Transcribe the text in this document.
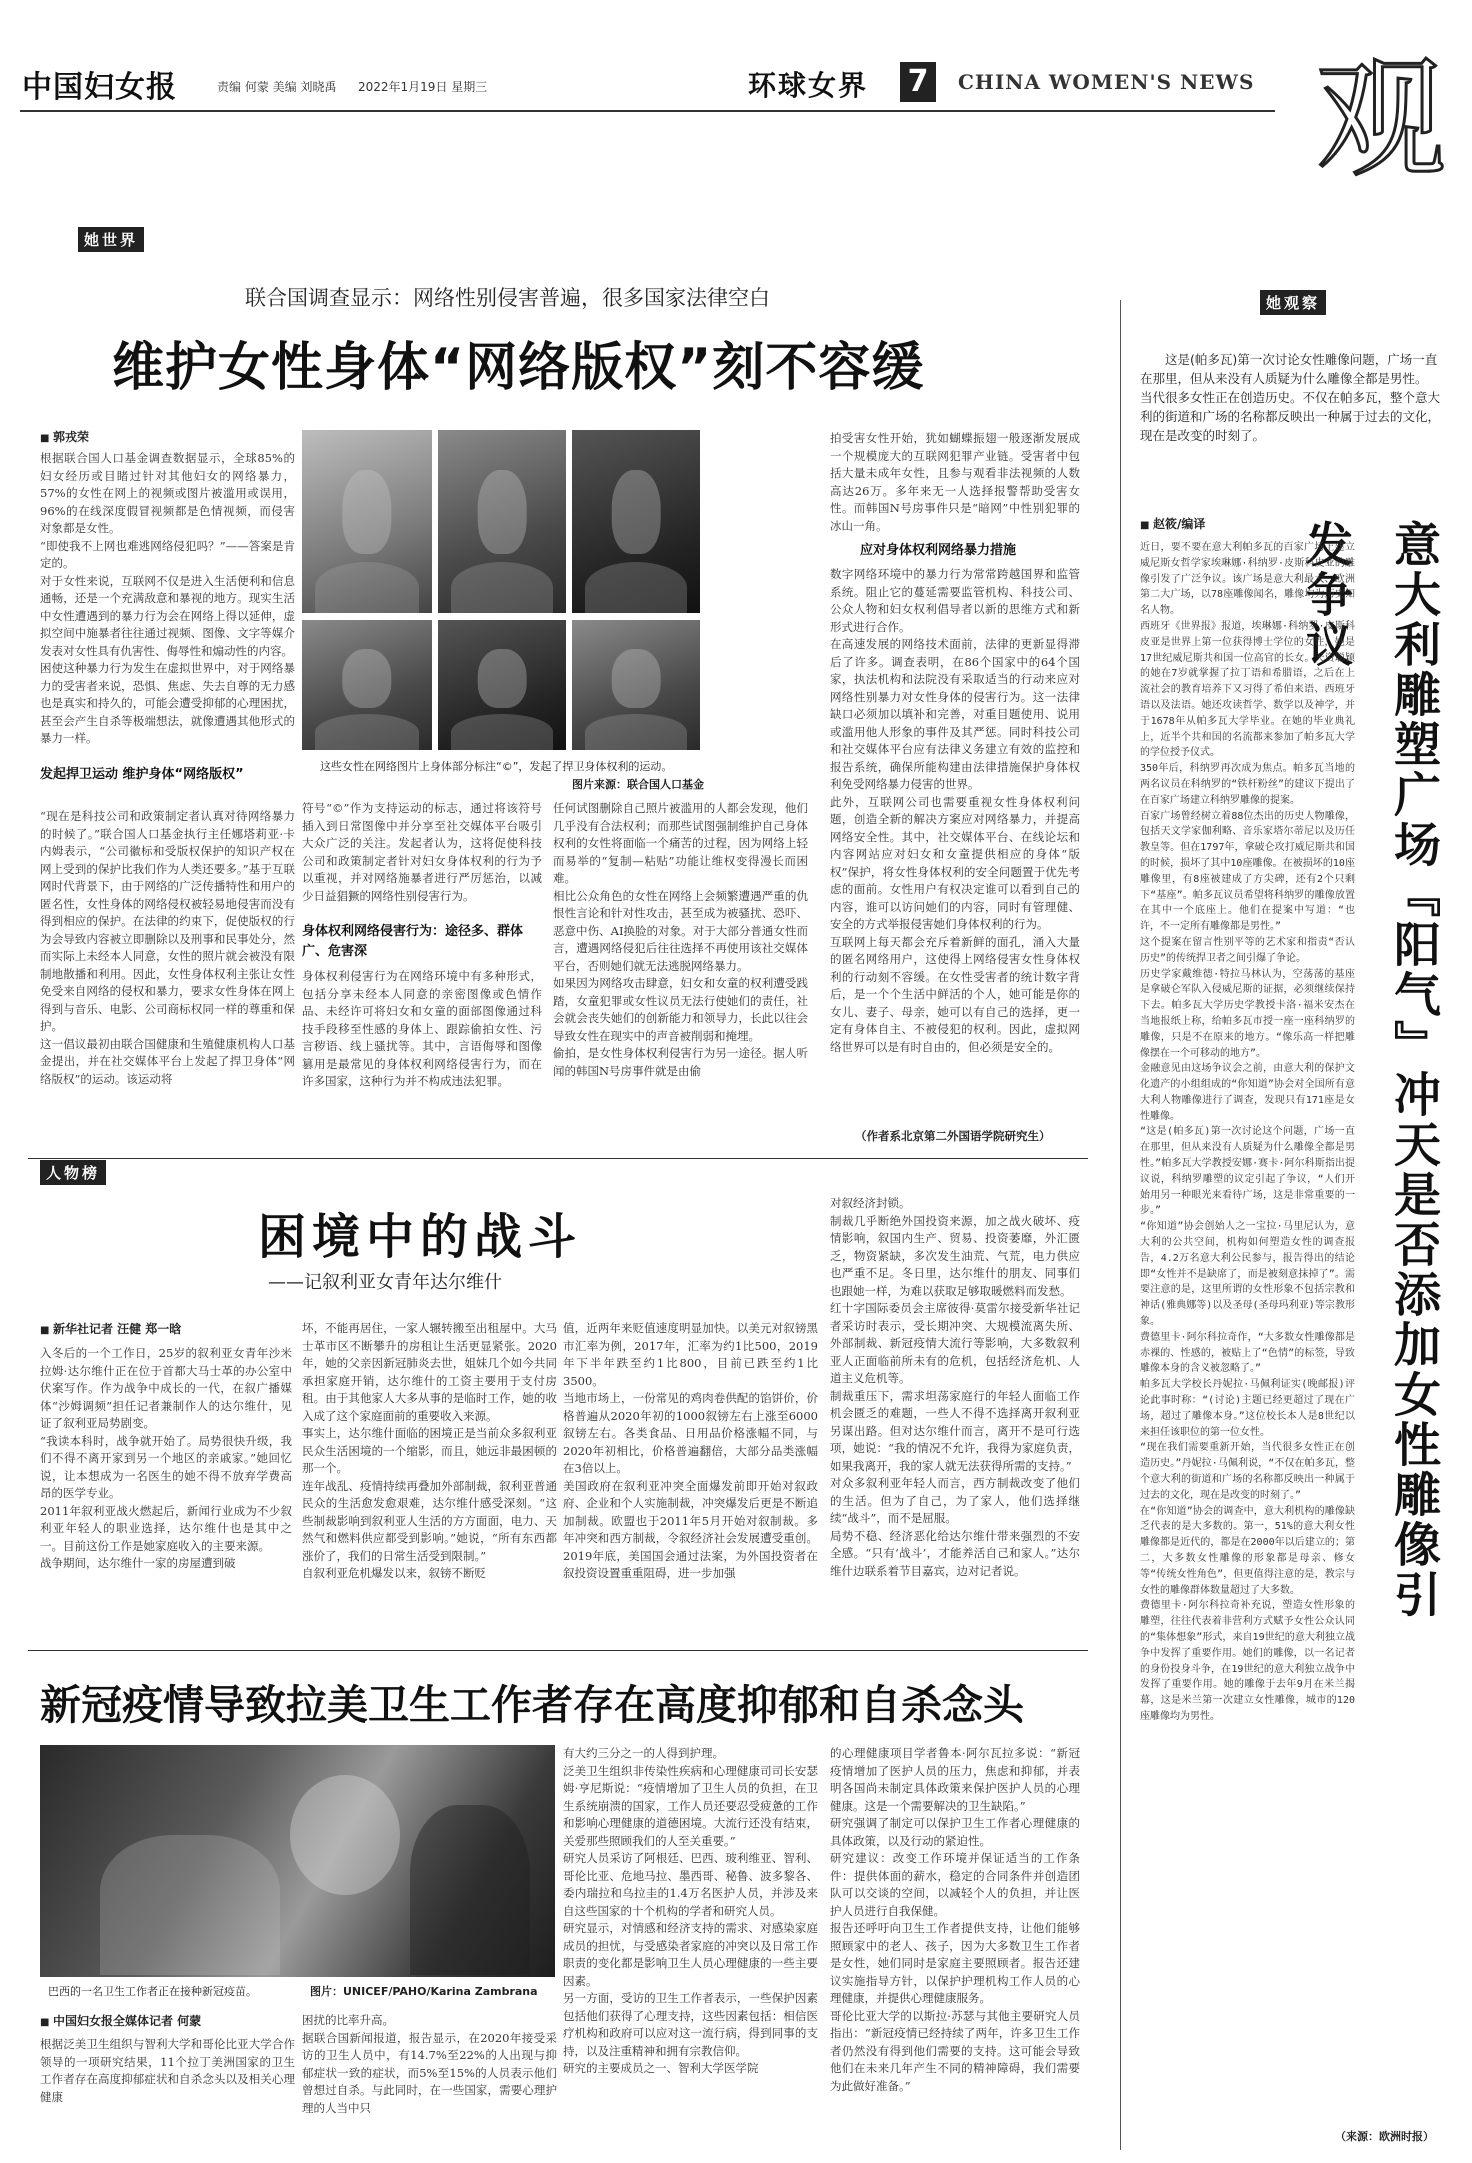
中国妇女报	责编 何蒙 美编 刘晓禹 2022年1月19日 星期三	环球女界 7	CHINA WOMEN'S NEWS 观
她世界
联合国调查显示：网络性别侵害普遍，很多国家法律空白
维护女性身体“网络版权”刻不容缓
■ 郭戎荣
根据联合国人口基金调查数据显示，全球85%的妇女经历或目睹过针对其他妇女的网络暴力，57%的女性在网上的视频或图片被滥用或误用，96%的在线深度假冒视频都是色情视频，而侵害对象都是女性。
“即使我不上网也难逃网络侵犯吗？”——答案是肯定的。
对于女性来说，互联网不仅是进入生活便利和信息通畅，还是一个充满敌意和暴视的地方。现实生活中女性遭遇到的暴力行为会在网络上得以延伸，虚拟空间中施暴者往往通过视频、图像、文字等媒介发表对女性具有仇害性、侮辱性和煽动性的内容。
困使这种暴力行为发生在虚拟世界中，对于网络暴力的受害者来说，恐惧、焦虑、失去自尊的无力感也是真实和持久的，可能会遭受抑郁的心理困扰，甚至会产生自杀等极端想法，就像遭遇其他形式的暴力一样。
发起捍卫运动 维护身体“网络版权”
“现在是科技公司和政策制定者认真对待网络暴力的时候了。”联合国人口基金执行主任娜塔莉亚·卡内姆表示，“公司徽标和受版权保护的知识产权在网上受到的保护比我们作为人类还要多。”基于互联网时代背景下，由于网络的广泛传播特性和用户的匿名性，女性身体的网络侵权被轻易地侵害而没有得到相应的保护。在法律的约束下，促使版权的行为会导致内容被立即删除以及刑事和民事处分，然而实际上未经本人同意，女性的照片就会被没有限制地散播和利用。因此，女性身体权利主张让女性免受来自网络的侵权和暴力，要求女性身体在网上得到与音乐、电影、公司商标权同一样的尊重和保护。
这一倡议最初由联合国健康和生殖健康机构人口基金提出，并在社交媒体平台上发起了捍卫身体“网络版权”的运动。该运动将
这些女性在网络图片上身体部分标注“©”，发起了捍卫身体权利的运动。
图片来源：联合国人口基金
符号“©”作为支持运动的标志，通过将该符号插入到日常图像中并分享至社交媒体平台吸引大众广泛的关注。发起者认为，这将促使科技公司和政策制定者针对妇女身体权利的行为予以重视，并对网络施暴者进行严厉惩治，以减少日益猖獗的网络性别侵害行为。
身体权利网络侵害行为：途径多、群体广、危害深
身体权利侵害行为在网络环境中有多种形式，包括分享未经本人同意的亲密图像或色情作品、未经许可将妇女和女童的面部图像通过科技手段移至性感的身体上、跟踪偷拍女性、污言秽语、线上骚扰等。其中，言语侮辱和图像篡用是最常见的身体权利网络侵害行为，而在许多国家，这种行为并不构成违法犯罪。
任何试图删除自己照片被滥用的人都会发现，他们几乎没有合法权利；而那些试图强制维护自己身体权利的女性将面临一个痛苦的过程，因为网络上轻而易举的“复制—粘贴”功能让维权变得漫长而困难。
相比公众角色的女性在网络上会频繁遭遇严重的仇恨性言论和针对性攻击，甚至成为被骚扰、恐吓、恶意中伤、AI换脸的对象。对于大部分普通女性而言，遭遇网络侵犯后往往选择不再使用该社交媒体平台，否则她们就无法逃脱网络暴力。
如果因为网络攻击肆意，妇女和女童的权利遭受践踏，女童犯罪或女性议员无法行使她们的责任，社会就会丧失她们的创新能力和领导力，长此以往会导致女性在现实中的声音被削弱和掩埋。
偷拍，是女性身体权利侵害行为另一途径。据人听闻的韩国N号房事件就是由偷
拍受害女性开始，犹如蝴蝶振翅一般逐渐发展成一个规模庞大的互联网犯罪产业链。受害者中包括大量未成年女性，且参与观看非法视频的人数高达26万。多年来无一人选择报警帮助受害女性。而韩国N号房事件只是“暗网”中性别犯罪的冰山一角。
应对身体权利网络暴力措施
数字网络环境中的暴力行为常常跨越国界和监管系统。阻止它的蔓延需要监管机构、科技公司、公众人物和妇女权利倡导者以新的思维方式和新形式进行合作。
在高速发展的网络技术面前，法律的更新显得滞后了许多。调查表明，在86个国家中的64个国家，执法机构和法院没有采取适当的行动来应对网络性别暴力对女性身体的侵害行为。这一法律缺口必须加以填补和完善，对重目题使用、说用或滥用他人形象的事件及其严惩。同时科技公司和社交媒体平台应有法律义务建立有效的监控和报告系统，确保所能构建由法律措施保护身体权利免受网络暴力侵害的世界。
此外，互联网公司也需要重视女性身体权利问题，创造全新的解决方案应对网络暴力，并提高网络安全性。其中，社交媒体平台、在线论坛和内容网站应对妇女和女童提供相应的身体“版权”保护，将女性身体权利的安全问题置于优先考虑的面前。女性用户有权决定谁可以看到自己的内容，谁可以访问她们的内容，同时有管理健、安全的方式举报侵害她们身体权利的行为。
互联网上每天都会充斥着新鲜的面孔，涌入大量的匿名网络用户，这使得上网络侵害女性身体权利的行动刻不容缓。在女性受害者的统计数字背后，是一个个生活中鲜活的个人，她可能是你的女儿、妻子、母亲，她可以有自己的选择，更一定有身体自主、不被侵犯的权利。因此，虚拟网络世界可以是有时自由的，但必须是安全的。
（作者系北京第二外国语学院研究生）
人物榜
困境中的战斗
——记叙利亚女青年达尔维什
■ 新华社记者 汪健 郑一晗
入冬后的一个工作日，25岁的叙利亚女青年沙米拉姆·达尔维什正在位于首都大马士革的办公室中伏案写作。作为战争中成长的一代，在叙广播媒体“沙姆调频”担任记者兼制作人的达尔维什，见证了叙利亚局势剧变。
“我读本科时，战争就开始了。局势很快升级，我们不得不离开家到另一个地区的亲戚家。”她回忆说，让本想成为一名医生的她不得不放弃学费高昂的医学专业。
2011年叙利亚战火燃起后，新闻行业成为不少叙利亚年轻人的职业选择，达尔维什也是其中之一。目前这份工作是她家庭收入的主要来源。
战争期间，达尔维什一家的房屋遭到破
坏，不能再居住，一家人辗转搬至出租屋中。大马士革市区不断攀升的房租让生活更显紧张。2020年，她的父亲因新冠肺炎去世，姐妹几个如今共同承担家庭开销，达尔维什的工资主要用于支付房租。由于其他家人大多从事的是临时工作，她的收入成了这个家庭面前的重要收入来源。
事实上，达尔维什面临的困境正是当前众多叙利亚民众生活困境的一个缩影，而且，她远非最困顿的那一个。
连年战乱、疫情持续再叠加外部制裁，叙利亚普通民众的生活愈发愈艰难，达尔维什感受深刻。“这些制裁影响到叙利亚人生活的方方面面，电力、天然气和燃料供应都受到影响。”她说，“所有东西都涨价了，我们的日常生活受到限制。”
自叙利亚危机爆发以来，叙镑不断贬
值，近两年来贬值速度明显加快。以美元对叙镑黑市汇率为例，2017年，汇率为约1比500，2019年下半年跌至约1比800，目前已跌至约1比3500。
当地市场上，一份常见的鸡肉卷供配的馅饼价，价格普遍从2020年初的1000叙镑左右上涨至6000叙镑左右。各类食品、日用品价格涨幅不同，与2020年初相比，价格普遍翻倍，大部分品类涨幅在3倍以上。
美国政府在叙利亚冲突全面爆发前即开始对叙政府、企业和个人实施制裁，冲突爆发后更是不断追加制裁。欧盟也于2011年5月开始对叙制裁。多年冲突和西方制裁，令叙经济社会发展遭受重创。2019年底，美国国会通过法案，为外国投资者在叙投资设置重重阻碍，进一步加强
对叙经济封锁。
制裁几乎断绝外国投资来源，加之战火破坏、疫情影响，叙国内生产、贸易、投资萎靡，外汇匮乏，物资紧缺，多次发生油荒、气荒，电力供应也严重不足。冬日里，达尔维什的朋友、同事们也跟她一样，为难以获取足够取暖燃料而发愁。
红十字国际委员会主席彼得·莫雷尔接受新华社记者采访时表示，受长期冲突、大规模流离失所、外部制裁、新冠疫情大流行等影响，大多数叙利亚人正面临前所未有的危机，包括经济危机、人道主义危机等。
制裁重压下，需求坦荡家庭行的年轻人面临工作机会匮乏的难题，一些人不得不选择离开叙利亚另谋出路。但对达尔维什而言，离开不是可行选项，她说：“我的情况不允许，我得为家庭负责，如果我离开，我的家人就无法获得所需的支持。”
对众多叙利亚年轻人而言，西方制裁改变了他们的生活。但为了自己，为了家人，他们选择继续“战斗”，而不是屈服。
局势不稳、经济恶化给达尔维什带来强烈的不安全感。“只有‘战斗’，才能养活自己和家人。”达尔维什边联系着节目嘉宾，边对记者说。
新冠疫情导致拉美卫生工作者存在高度抑郁和自杀念头
巴西的一名卫生工作者正在接种新冠疫苗。	图片：UNICEF/PAHO/Karina Zambrana
■ 中国妇女报全媒体记者 何蒙
根据泛美卫生组织与智利大学和哥伦比亚大学合作领导的一项研究结果，11个拉丁美洲国家的卫生工作者存在高度抑郁症状和自杀念头以及相关心理健康
困扰的比率升高。
据联合国新闻报道，报告显示，在2020年接受采访的卫生人员中，有14.7%至22%的人出现与抑郁症状一致的症状，而5%至15%的人员表示他们曾想过自杀。与此同时，在一些国家，需要心理护理的人当中只
有大约三分之一的人得到护理。
泛美卫生组织非传染性疾病和心理健康司司长安瑟姆·亨尼斯说：“疫情增加了卫生人员的负担，在卫生系统崩溃的国家，工作人员还要忍受疲惫的工作和影响心理健康的道德困境。大流行还没有结束，关爱那些照顾我们的人至关重要。”
研究人员采访了阿根廷、巴西、玻利维亚、智利、哥伦比亚、危地马拉、墨西哥、秘鲁、波多黎各、委内瑞拉和乌拉圭的1.4万名医护人员，并涉及来自这些国家的十个机构的学者和研究人员。
研究显示，对情感和经济支持的需求、对感染家庭成员的担忧，与受感染者家庭的冲突以及日常工作职责的变化都是影响卫生人员心理健康的一些主要因素。
另一方面，受访的卫生工作者表示，一些保护因素包括他们获得了心理支持，这些因素包括：相信医疗机构和政府可以应对这一流行病，得到同事的支持，以及注重精神和拥有宗教信仰。
研究的主要成员之一、智利大学医学院
的心理健康项目学者鲁本·阿尔瓦拉多说：“新冠疫情增加了医护人员的压力，焦虑和抑郁，并表明各国尚未制定具体政策来保护医护人员的心理健康。这是一个需要解决的卫生缺陷。”
研究强调了制定可以保护卫生工作者心理健康的具体政策，以及行动的紧迫性。
研究建议：改变工作环境并保证适当的工作条件：提供体面的薪水，稳定的合同条件并创造团队可以交谈的空间，以减轻个人的负担，并让医护人员进行自我保健。
报告还呼吁向卫生工作者提供支持，让他们能够照顾家中的老人、孩子，因为大多数卫生工作者是女性，她们同时是家庭主要照顾者。报告还建议实施指导方针，以保护护理机构工作人员的心理健康，并提供心理健康服务。
哥伦比亚大学的以斯拉·苏瑟与其他主要研究人员指出：“新冠疫情已经持续了两年，许多卫生工作者仍然没有得到他们需要的支持。这可能会导致他们在未来几年产生不同的精神障碍，我们需要为此做好准备。”
她观察
这是(帕多瓦)第一次讨论女性雕像问题，广场一直在那里，但从来没有人质疑为什么雕像全都是男性。
当代很多女性正在创造历史。不仅在帕多瓦，整个意大利的街道和广场的名称都反映出一种属于过去的文化，现在是改变的时刻了。
■ 赵筱/编译	意大利雕塑广场『阳气』冲天是否添加女性雕像引发争议
近日，要不要在意大利帕多瓦的百家广场上建立威尼斯女哲学家埃琳娜·科纳罗·皮斯科皮亚的雕像引发了广泛争议。该广场是意大利最大、欧洲第二大广场，以78座雕像闻名，雕像均为历史知名人物。
西班牙《世界报》报道，埃琳娜·科纳罗·皮斯科皮亚是世界上第一位获得博士学位的女性，她是17世纪威尼斯共和国一位高官的长女。天资聪颖的她在7岁就掌握了拉丁语和希腊语，之后在上流社会的教育培养下又习得了希伯来语、西班牙语以及法语。她还攻读哲学、数学以及神学，并于1678年从帕多瓦大学毕业。在她的毕业典礼上，近半个共和国的名流都来参加了帕多瓦大学的学位授予仪式。
350年后，科纳罗再次成为焦点。帕多瓦当地的两名议员在科纳罗的“铁杆粉丝”的建议下提出了在百家广场建立科纳罗雕像的提案。
百家广场曾经树立着88位杰出的历史人物雕像，包括天文学家伽利略、音乐家塔尔蒂尼以及历任教皇等。但在1797年，拿破仑攻打威尼斯共和国的时候，损坏了其中10座雕像。在被损坏的10座雕像里，有8座被建成了方尖碑，还有2个只剩下“基座”。帕多瓦议员希望将科纳罗的雕像放置在其中一个底座上。他们在提案中写道：“也许，不一定所有雕像都是男性。”
这个提案在留言性别平等的艺术家和指责“否认历史”的传统捍卫者之间引爆了争论。
历史学家戴维德·特拉马林认为，空荡荡的基座是拿破仑军队入侵威尼斯的证据，必须继续保持下去。帕多瓦大学历史学教授卡洛·福米安杰在当地报纸上称，给帕多瓦市授一座一座科纳罗的雕像，只是不在原来的地方。“像乐高一样把雕像摆在一个可移动的地方”。
金融意见由这场争议会之前，由意大利的保护文化遗产的小组组成的“你知道”协会对全国所有意大利人物雕像进行了调查，发现只有171座是女性雕像。
“这是(帕多瓦)第一次讨论这个问题，广场一直在那里，但从来没有人质疑为什么雕像全都是男性。”帕多瓦大学教授安娜·赛卡·阿尔科斯指出提议说，科纳罗雕塑的议定引起了争议，“人们开始用另一种眼光来看待广场，这是非常重要的一步。”
“你知道”协会创始人之一宝拉·马里尼认为，意大利的公共空间，机构如何塑造女性的调查报告，4.2万名意大利公民参与，报告得出的结论即“女性并不是缺席了，而是被刻意抹掉了”。需要注意的是，这里所谓的女性形象不包括宗教和神话(雅典娜等)以及圣母(圣母玛利亚)等宗教形象。
费德里卡·阿尔科拉奇作，“大多数女性雕像都是赤裸的、性感的，被贴上了“色情”的标签，导致雕像本身的含义被忽略了。”
帕多瓦大学校长丹妮拉·马佩利证实(晚邮报)评论此事时称：“(讨论)主题已经更超过了现在广场，超过了雕像本身。”这位校长本人是8世纪以来担任该职位的第一位女性。
“现在我们需要重新开始，当代很多女性正在创造历史。”丹妮拉·马佩利说，“不仅在帕多瓦，整个意大利的街道和广场的名称都反映出一种属于过去的文化，现在是改变的时刻了。”
在“你知道”协会的调查中，意大利机构的雕像缺乏代表的是大多数的。第一，51%的意大利女性雕像都是近代的，都是在2000年以后建立的；第二，大多数女性雕像的形象都是母亲、修女等“传统女性角色”，但更值得注意的是，教宗与女性的雕像群体数量超过了大多数。
费德里卡·阿尔科拉奇补充说，塑造女性形象的雕塑，往往代表着非营利方式赋予女性公众认同的“集体想象”形式，来自19世纪的意大利独立战争中发挥了重要作用。她们的雕像，以一名记者的身份投身斗争，在19世纪的意大利独立战争中发挥了重要作用。她的雕像于去年9月在米兰揭幕，这是米兰第一次建立女性雕像，城市的120座雕像均为男性。
（来源：欧洲时报）
